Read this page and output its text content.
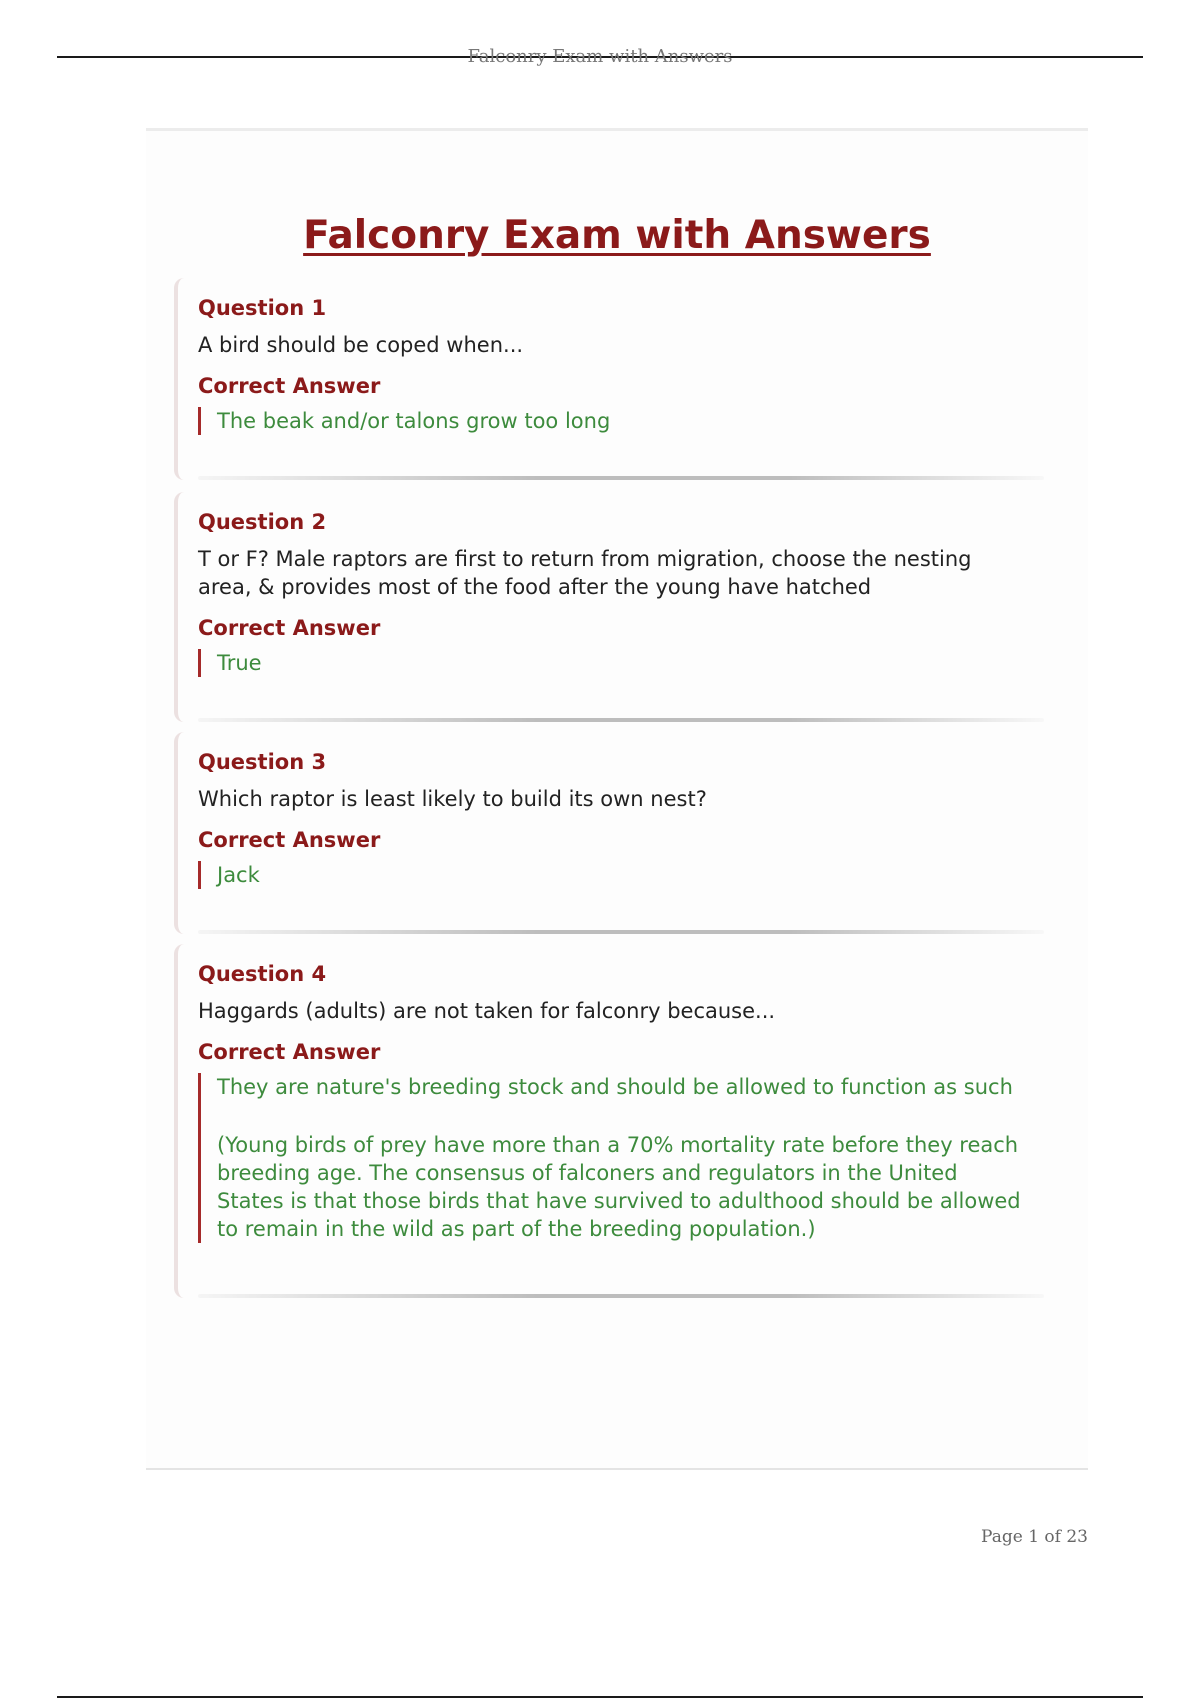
Falconry Exam with Answers
Falconry Exam with Answers
Question 1
A bird should be coped when...
Correct Answer

The beak and/or talons grow too long

Question 2
T or F? Male raptors are first to return from migration, choose the nesting area, & provides most of the food after the young have hatched
Correct Answer

True

Question 3
Which raptor is least likely to build its own nest?
Correct Answer

Jack

Question 4
Haggards (adults) are not taken for falconry because...
Correct Answer

They are nature's breeding stock and should be allowed to function as such

(Young birds of prey have more than a 70% mortality rate before they reach breeding age. The consensus of falconers and regulators in the United States is that those birds that have survived to adulthood should be allowed to remain in the wild as part of the breeding population.)

Page 1 of 23
